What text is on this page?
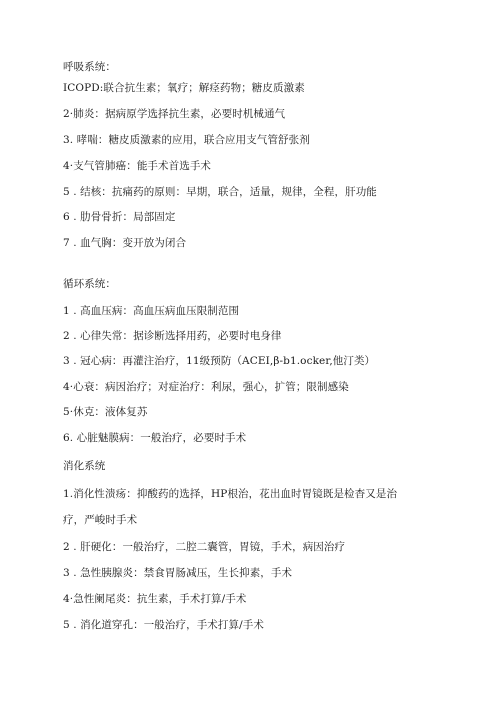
呼吸系统：
ICOPD:联合抗生素；氧疗；解痉药物；糖皮质激素
2·肺炎：据病原学选择抗生素，必要时机械通气
3. 哮喘：糖皮质激素的应用，联合应用支气管舒张剂
4·支气管肺癌：能手术首选手术
5 . 结核：抗痛药的原则：早期，联合，适量，规律，全程，肝功能
6 . 肋骨骨折：局部固定
7 . 血气胸：变开放为闭合
循环系统：
1 . 高血压病：高血压病血压限制范围
2 . 心律失常：据诊断选择用药，必要时电身律
3 . 冠心病：再灌注治疗，11级预防（ACEI,β-b1.ocker,他汀类）
4·心衰：病因治疗；对症治疗：利尿，强心，扩管；限制感染
5·休克：液体复苏
6. 心脏魅膜病：一般治疗，必要时手术
消化系统
1.消化性溃疡：抑酸药的选择，HP根治，花出血时胃镜既是检杳又是治
疗，严峻时手术
2 . 肝硬化：一般治疗，二腔二囊管，胃镜，手术，病因治疗
3 . 急性胰腺炎：禁食胃肠减压，生长抑素，手术
4·急性阑尾炎：抗生素，手术打算/手术
5 . 消化道穿孔：一般治疗，手术打算/手术
